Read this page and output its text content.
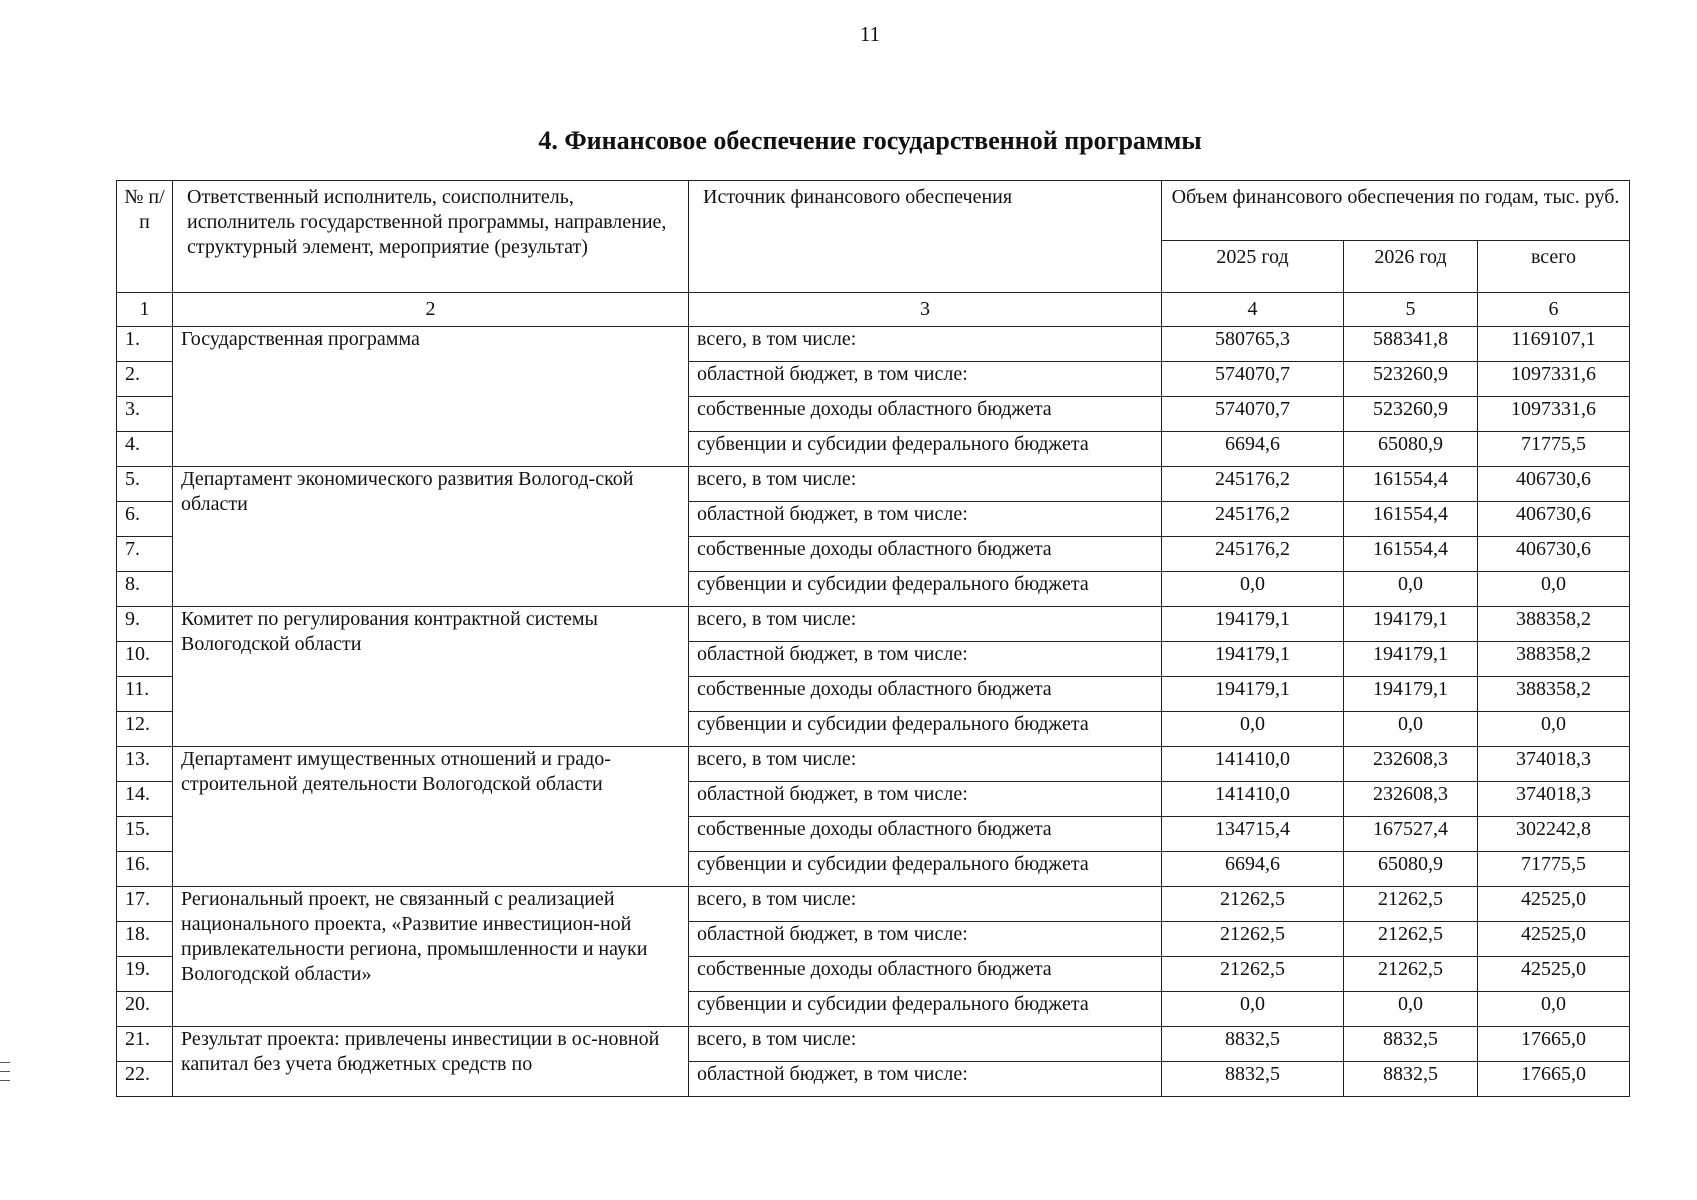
11
4. Финансовое обеспечение государственной программы
№ п/п	Ответственный исполнитель, соисполнитель, исполнитель государственной программы, направление, структурный элемент, мероприятие (результат)	Источник финансового обеспечения	Объем финансового обеспечения по годам, тыс. руб.		
			2025 год	2026 год	всего
1	2	3	4	5	6
1.	Государственная программа	всего, в том числе:	580765,3	588341,8	1169107,1
2.		областной бюджет, в том числе:	574070,7	523260,9	1097331,6
3.		собственные доходы областного бюджета	574070,7	523260,9	1097331,6
4.		субвенции и субсидии федерального бюджета	6694,6	65080,9	71775,5
5.	Департамент экономического развития Вологод-ской области	всего, в том числе:	245176,2	161554,4	406730,6
6.		областной бюджет, в том числе:	245176,2	161554,4	406730,6
7.		собственные доходы областного бюджета	245176,2	161554,4	406730,6
8.		субвенции и субсидии федерального бюджета	0,0	0,0	0,0
9.	Комитет по регулирования контрактной системы Вологодской области	всего, в том числе:	194179,1	194179,1	388358,2
10.		областной бюджет, в том числе:	194179,1	194179,1	388358,2
11.		собственные доходы областного бюджета	194179,1	194179,1	388358,2
12.		субвенции и субсидии федерального бюджета	0,0	0,0	0,0
13.	Департамент имущественных отношений и градо-строительной деятельности Вологодской области	всего, в том числе:	141410,0	232608,3	374018,3
14.		областной бюджет, в том числе:	141410,0	232608,3	374018,3
15.		собственные доходы областного бюджета	134715,4	167527,4	302242,8
16.		субвенции и субсидии федерального бюджета	6694,6	65080,9	71775,5
17.	Региональный проект, не связанный с реализацией национального проекта, «Развитие инвестицион-ной привлекательности региона, промышленности и науки Вологодской области»	всего, в том числе:	21262,5	21262,5	42525,0
18.		областной бюджет, в том числе:	21262,5	21262,5	42525,0
19.		собственные доходы областного бюджета	21262,5	21262,5	42525,0
20.		субвенции и субсидии федерального бюджета	0,0	0,0	0,0
21.	Результат проекта: привлечены инвестиции в ос-новной капитал без учета бюджетных средств по	всего, в том числе:	8832,5	8832,5	17665,0
22.		областной бюджет, в том числе:	8832,5	8832,5	17665,0
